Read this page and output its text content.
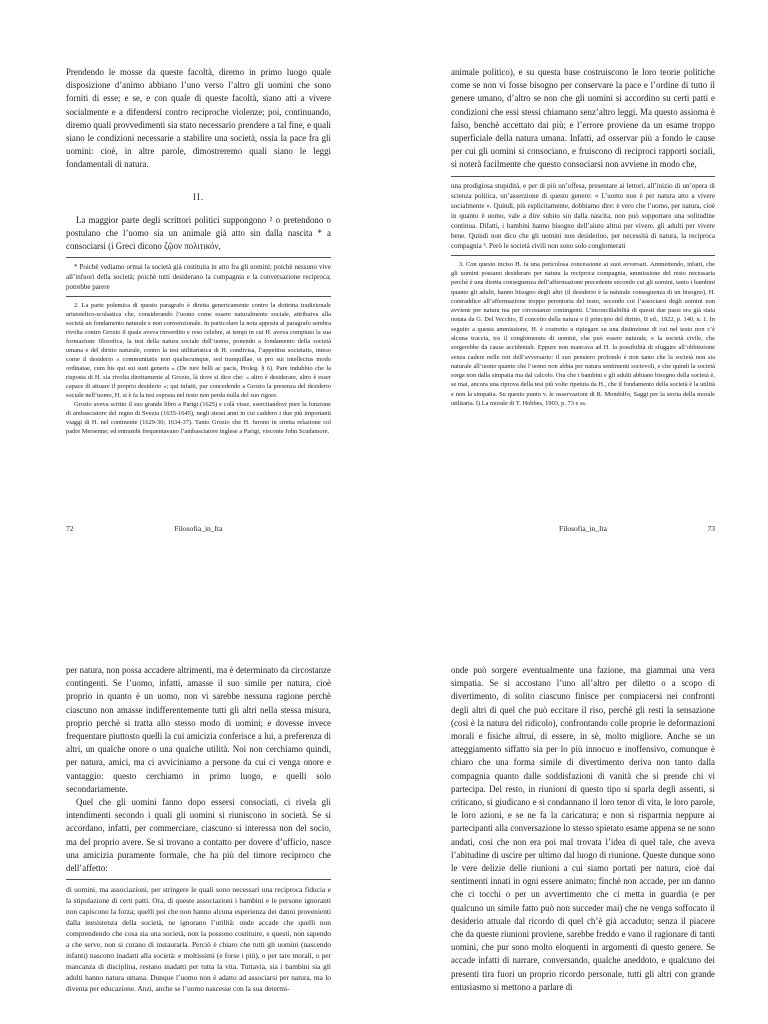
Prendendo le mosse da queste facoltà, diremo in primo luogo quale disposizione d’animo abbiano l’uno verso l’altro gli uomini che sono forniti di esse; e se, e con quale di queste facoltà, siano atti a vivere socialmente e a difendersi contro reciproche violenze; poi, continuando, diremo quali provvedimenti sia stato necessario prendere a tal fine, e quali siano le condizioni necessarie a stabilire una società, ossia la pace fra gli uomini: cioè, in altre parole, dimostreremo quali siano le leggi fondamentali di natura.

II.

La maggior parte degli scrittori politici suppongono ² o pretendono o postulano che l’uomo sia un animale già atto sin dalla nascita * a consociarsi (i Greci dicono ζῷον πολιτικόν,

* Poichè vediamo ormai la società già costituita in atto fra gli uomini; poichè nessuno vive all’infuori della società; poichè tutti desiderano la compagnia e la conversazione reciproca; potrebbe parere

2. La parte polemica di questo paragrafo è diretta genericamente contro la dottrina tradizionale aristotelico-scolastica che, considerando l’uomo come essere naturalmente sociale, attribuiva alla società un fondamento naturale e non convenzionale. In particolare la nota apposta al paragrafo sembra rivolta contro Grozio il quale aveva rinverdito e reso celebre, ai tempi in cui H. aveva compiuto la sua formazione filosofica, la tesi della natura sociale dell’uomo, ponendo a fondamento della società umana e del diritto naturale, contro la tesi utilitaristica di H. condivisa, l’appetitus societatis, inteso come il desiderio « communitatis non qualiscumque, sed tranquillae, et pro sui intellectus modo ordinatae, cum his qui sui sunt generis » (De iure belli ac pacis, Proleg. § 6). Pare indubbio che la risposta di H. sia rivolta direttamente al Grozio, là dove si dice che: « altro è desiderare, altro è esser capace di attuare il proprio desiderio »; qui infatti, pur concedendo a Grozio la presenza del desiderio sociale nell’uomo, H. si è fa la tesi esposta nel testo non perda nulla del suo rigore.

Grozio aveva scritto il suo grande libro a Parigi (1625) e colà visse, esercitandovi pure la funzione di ambasciatore del regno di Svezia (1635-1645), negli stessi anni in cui caddero i due più importanti viaggi di H. nel continente (1629-30; 1634-37). Tanto Grozio che H. furono in stretta relazione col padre Mersenne; ed entrambi frequentavano l’ambasciatore inglese a Parigi, visconte John Scudamore.

72	Filosofia_in_Ita

animale politico), e su questa base costruiscono le loro teorie politiche come se non vi fosse bisogno per conservare la pace e l’ordine di tutto il genere umano, d’altro se non che gli uomini si accordino su certi patti e condizioni che essi stessi chiamano senz’altro leggi. Ma questo assioma è falso, benchè accettato dai più; e l’errore proviene da un esame troppo superficiale della natura umana. Infatti, ad osservar più a fondo le cause per cui gli uomini si consociano, e fruiscono di reciproci rapporti sociali, si noterà facilmente che questo consociarsi non avviene in modo che,

una prodigiosa stupidità, e per di più un’offesa, presentare ai lettori, all’inizio di un’opera di scienza politica, un’asserzione di questo genere: « L’uomo non è per natura atto a vivere socialmente ». Quindi, più esplicitamente, dobbiamo dire: è vero che l’uomo, per natura, cioè in quanto è uomo, vale a dire subito sin dalla nascita, non può sopportare una solitudine continua. Difatti, i bambini hanno bisogno dell’aiuto altrui per vivere, gli adulti per vivere bene. Quindi non dico che gli uomini non desiderino, per necessità di natura, la reciproca compagnia ³. Però le società civili non sono solo conglomerati

3. Con questo inciso H. fa una pericolosa concessione ai suoi avversari. Ammettendo, infatti, che gli uomini possano desiderare per natura la reciproca compagnia, ammissione del resto necessaria perchè è una diretta conseguenza dell’affermazione precedente secondo cui gli uomini, tanto i bambini quanto gli adulti, hanno bisogno degli altri (il desiderio è la naturale conseguenza di un bisogno), H. contraddice all’affermazione troppo perentoria del testo, secondo cui l’associarsi degli uomini non avviene per natura ma per circostanze contingenti. L’inconciliabilità di questi due passi era già stata notata da G. Del Vecchio, Il concetto della natura e il principio del diritto, II ed., 1922, p. 140, n. 1. In seguito a questa ammissione, H. è costretto a ripiegare su una distinzione di cui nel testo non c’è alcuna traccia, tra il conglomerato di uomini, che può essere naturale, e la società civile, che sorgerebbe da cause accidentali. Eppure non mancava ad H. la possibilità di sfuggire all’obbiezione senza cadere nelle reti dell’avversario: il suo pensiero profondo è non tanto che la società non sia naturale all’uomo quanto che l’uomo non abbia per natura sentimenti socievoli, e che quindi la società sorga non dalla simpatia ma dal calcolo. Ora che i bambini e gli adulti abbiano bisogno della società è, se mai, ancora una riprova della tesi più volte ripetuta da H., che il fondamento della società è la utilità e non la simpatia. Su questo punto v. le osservazioni di R. Mondolfo, Saggi per la storia della morale utilitaria. I) La morale di T. Hobbes, 1903, p. 73 e ss.

Filosofia_in_Ita	73

per natura, non possa accadere altrimenti, ma è determinato da circostanze contingenti. Se l’uomo, infatti, amasse il suo simile per natura, cioè proprio in quanto è un uomo, non vi sarebbe nessuna ragione perchè ciascuno non amasse indifferentemente tutti gli altri nella stessa misura, proprio perchè si tratta allo stesso modo di uomini; e dovesse invece frequentare piuttosto quelli la cui amicizia conferisce a lui, a preferenza di altri, un qualche onore o una qualche utilità. Noi non cerchiamo quindi, per natura, amici, ma ci avviciniamo a persone da cui ci venga onore e vantaggio: questo cerchiamo in primo luogo, e quelli solo secondariamente.

Quel che gli uomini fanno dopo essersi consociati, ci rivela gli intendimenti secondo i quali gli uomini si riuniscono in società. Se si accordano, infatti, per commerciare, ciascuno si interessa non del socio, ma del proprio avere. Se si trovano a contatto per dovere d’ufficio, nasce una amicizia puramente formale, che ha più del timore reciproco che dell’affetto:

di uomini, ma associazioni, per stringere le quali sono necessari una reciproca fiducia e la stipulazione di certi patti. Ora, di queste associazioni i bambini e le persone ignoranti non capiscono la forza; quelli poi che non hanno alcuna esperienza dei danni provenienti dalla inesistenza della società, ne ignorano l’utilità: onde accade che quelli non comprendendo che cosa sia una società, non la possono costituire, e questi, non sapendo a che serve, non si curano di instaurarla. Perciò è chiaro che tutti gli uomini (nascendo infanti) nascono inadatti alla società: e moltissimi (e forse i più), o per tare morali, o per mancanza di disciplina, restano inadatti per tutta la vita. Tuttavia, sia i bambini sia gli adulti hanno natura umana. Dunque l’uomo non è adatto ad associarsi per natura, ma lo diventa per educazione. Anzi, anche se l’uomo nascesse con la sua determi-

onde può sorgere eventualmente una fazione, ma giammai una vera simpatia. Se si accostano l’uno all’altro per diletto o a scopo di divertimento, di solito ciascuno finisce per compiacersi nei confronti degli altri di quel che può eccitare il riso, perchè gli resti la sensazione (così è la natura del ridicolo), confrontando colle proprie le deformazioni morali e fisiche altrui, di essere, in sè, molto migliore. Anche se un atteggiamento siffatto sia per lo più innocuo e inoffensivo, comunque è chiaro che una forma simile di divertimento deriva non tanto dalla compagnia quanto dalle soddisfazioni di vanità che si prende chi vi partecipa. Del resto, in riunioni di questo tipo si sparla degli assenti, si criticano, si giudicano e si condannano il loro tenor di vita, le loro parole, le loro azioni, e se ne fa la caricatura; e non si risparmia neppure ai partecipanti alla conversazione lo stesso spietato esame appena se ne sono andati, così che non era poi mal trovata l’idea di quel tale, che aveva l’abitudine di uscire per ultimo dal luogo di riunione. Queste dunque sono le vere delizie delle riunioni a cui siamo portati per natura, cioè dai sentimenti innati in ogni essere animato; finchè non accade, per un danno che ci tocchi o per un avvertimento che ci metta in guardia (e per qualcuno un simile fatto può non succeder mai) che ne venga soffocato il desiderio attuale dal ricordo di quel ch’è già accaduto; senza il piacere che da queste riunioni proviene, sarebbe freddo e vano il ragionare di tanti uomini, che pur sono molto eloquenti in argomenti di questo genere. Se accade infatti di narrare, conversando, qualche aneddoto, e qualcuno dei presenti tira fuori un proprio ricordo personale, tutti gli altri con grande entusiasmo si mettono a parlare di
